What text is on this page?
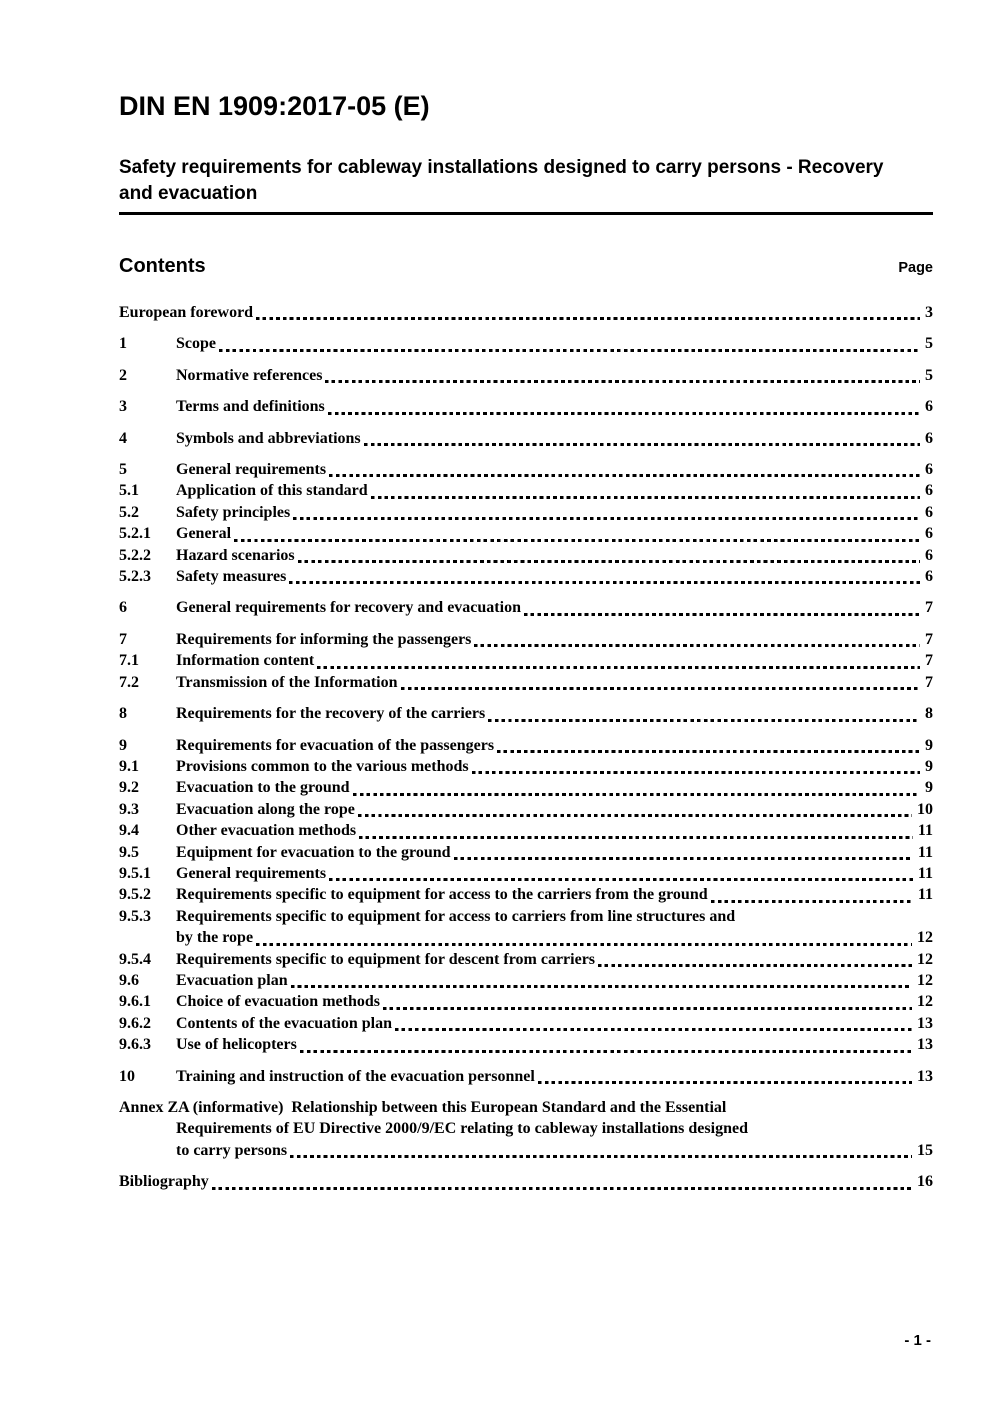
DIN EN 1909:2017-05 (E)
Safety requirements for cableway installations designed to carry persons - Recovery
and evacuation
Contents	Page
European foreword	3
1	Scope	5
2	Normative references	5
3	Terms and definitions	6
4	Symbols and abbreviations	6
5	General requirements	6
5.1	Application of this standard	6
5.2	Safety principles	6
5.2.1	General	6
5.2.2	Hazard scenarios	6
5.2.3	Safety measures	6
6	General requirements for recovery and evacuation	7
7	Requirements for informing the passengers	7
7.1	Information content	7
7.2	Transmission of the Information	7
8	Requirements for the recovery of the carriers	8
9	Requirements for evacuation of the passengers	9
9.1	Provisions common to the various methods	9
9.2	Evacuation to the ground	9
9.3	Evacuation along the rope	10
9.4	Other evacuation methods	11
9.5	Equipment for evacuation to the ground	11
9.5.1	General requirements	11
9.5.2	Requirements specific to equipment for access to the carriers from the ground	11
9.5.3	Requirements specific to equipment for access to carriers from line structures and
by the rope	12
9.5.4	Requirements specific to equipment for descent from carriers	12
9.6	Evacuation plan	12
9.6.1	Choice of evacuation methods	12
9.6.2	Contents of the evacuation plan	13
9.6.3	Use of helicopters	13
10	Training and instruction of the evacuation personnel	13
Annex ZA (informative)  Relationship between this European Standard and the Essential
Requirements of EU Directive 2000/9/EC relating to cableway installations designed
to carry persons	15
Bibliography	16
- 1 -
